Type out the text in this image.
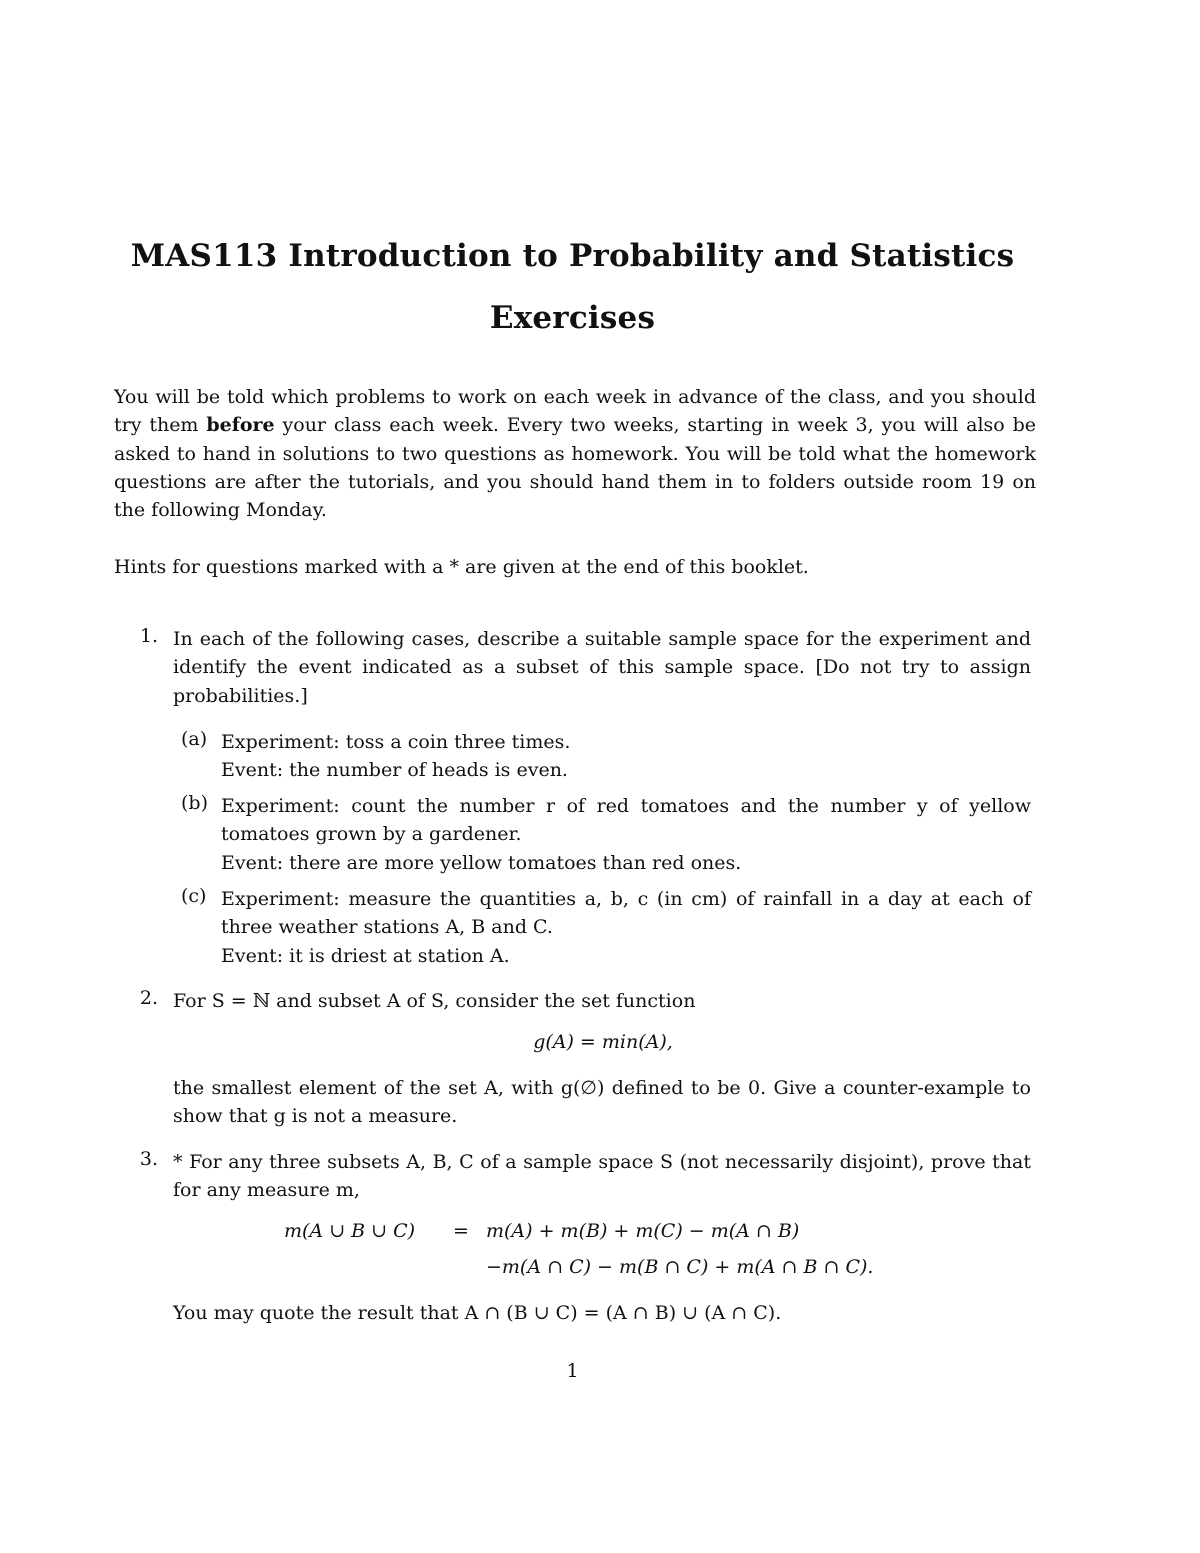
MAS113 Introduction to Probability and Statistics
Exercises

You will be told which problems to work on each week in advance of the class, and you should try them before your class each week. Every two weeks, starting in week 3, you will also be asked to hand in solutions to two questions as homework. You will be told what the homework questions are after the tutorials, and you should hand them in to folders outside room 19 on the following Monday.

Hints for questions marked with a * are given at the end of this booklet.

1. In each of the following cases, describe a suitable sample space for the experiment and identify the event indicated as a subset of this sample space. [Do not try to assign probabilities.]

(a) Experiment: toss a coin three times.
Event: the number of heads is even.
(b) Experiment: count the number r of red tomatoes and the number y of yellow tomatoes grown by a gardener.
Event: there are more yellow tomatoes than red ones.
(c) Experiment: measure the quantities a, b, c (in cm) of rainfall in a day at each of three weather stations A, B and C.
Event: it is driest at station A.
2. For S = ℕ and subset A of S, consider the set function

g(A) = min(A),

the smallest element of the set A, with g(∅) defined to be 0. Give a counter-example to show that g is not a measure.

3. * For any three subsets A, B, C of a sample space S (not necessarily disjoint), prove that for any measure m,

m(A ∪ B ∪ C) = m(A) + m(B) + m(C) − m(A ∩ B)
−m(A ∩ C) − m(B ∩ C) + m(A ∩ B ∩ C).

You may quote the result that A ∩ (B ∪ C) = (A ∩ B) ∪ (A ∩ C).

1
